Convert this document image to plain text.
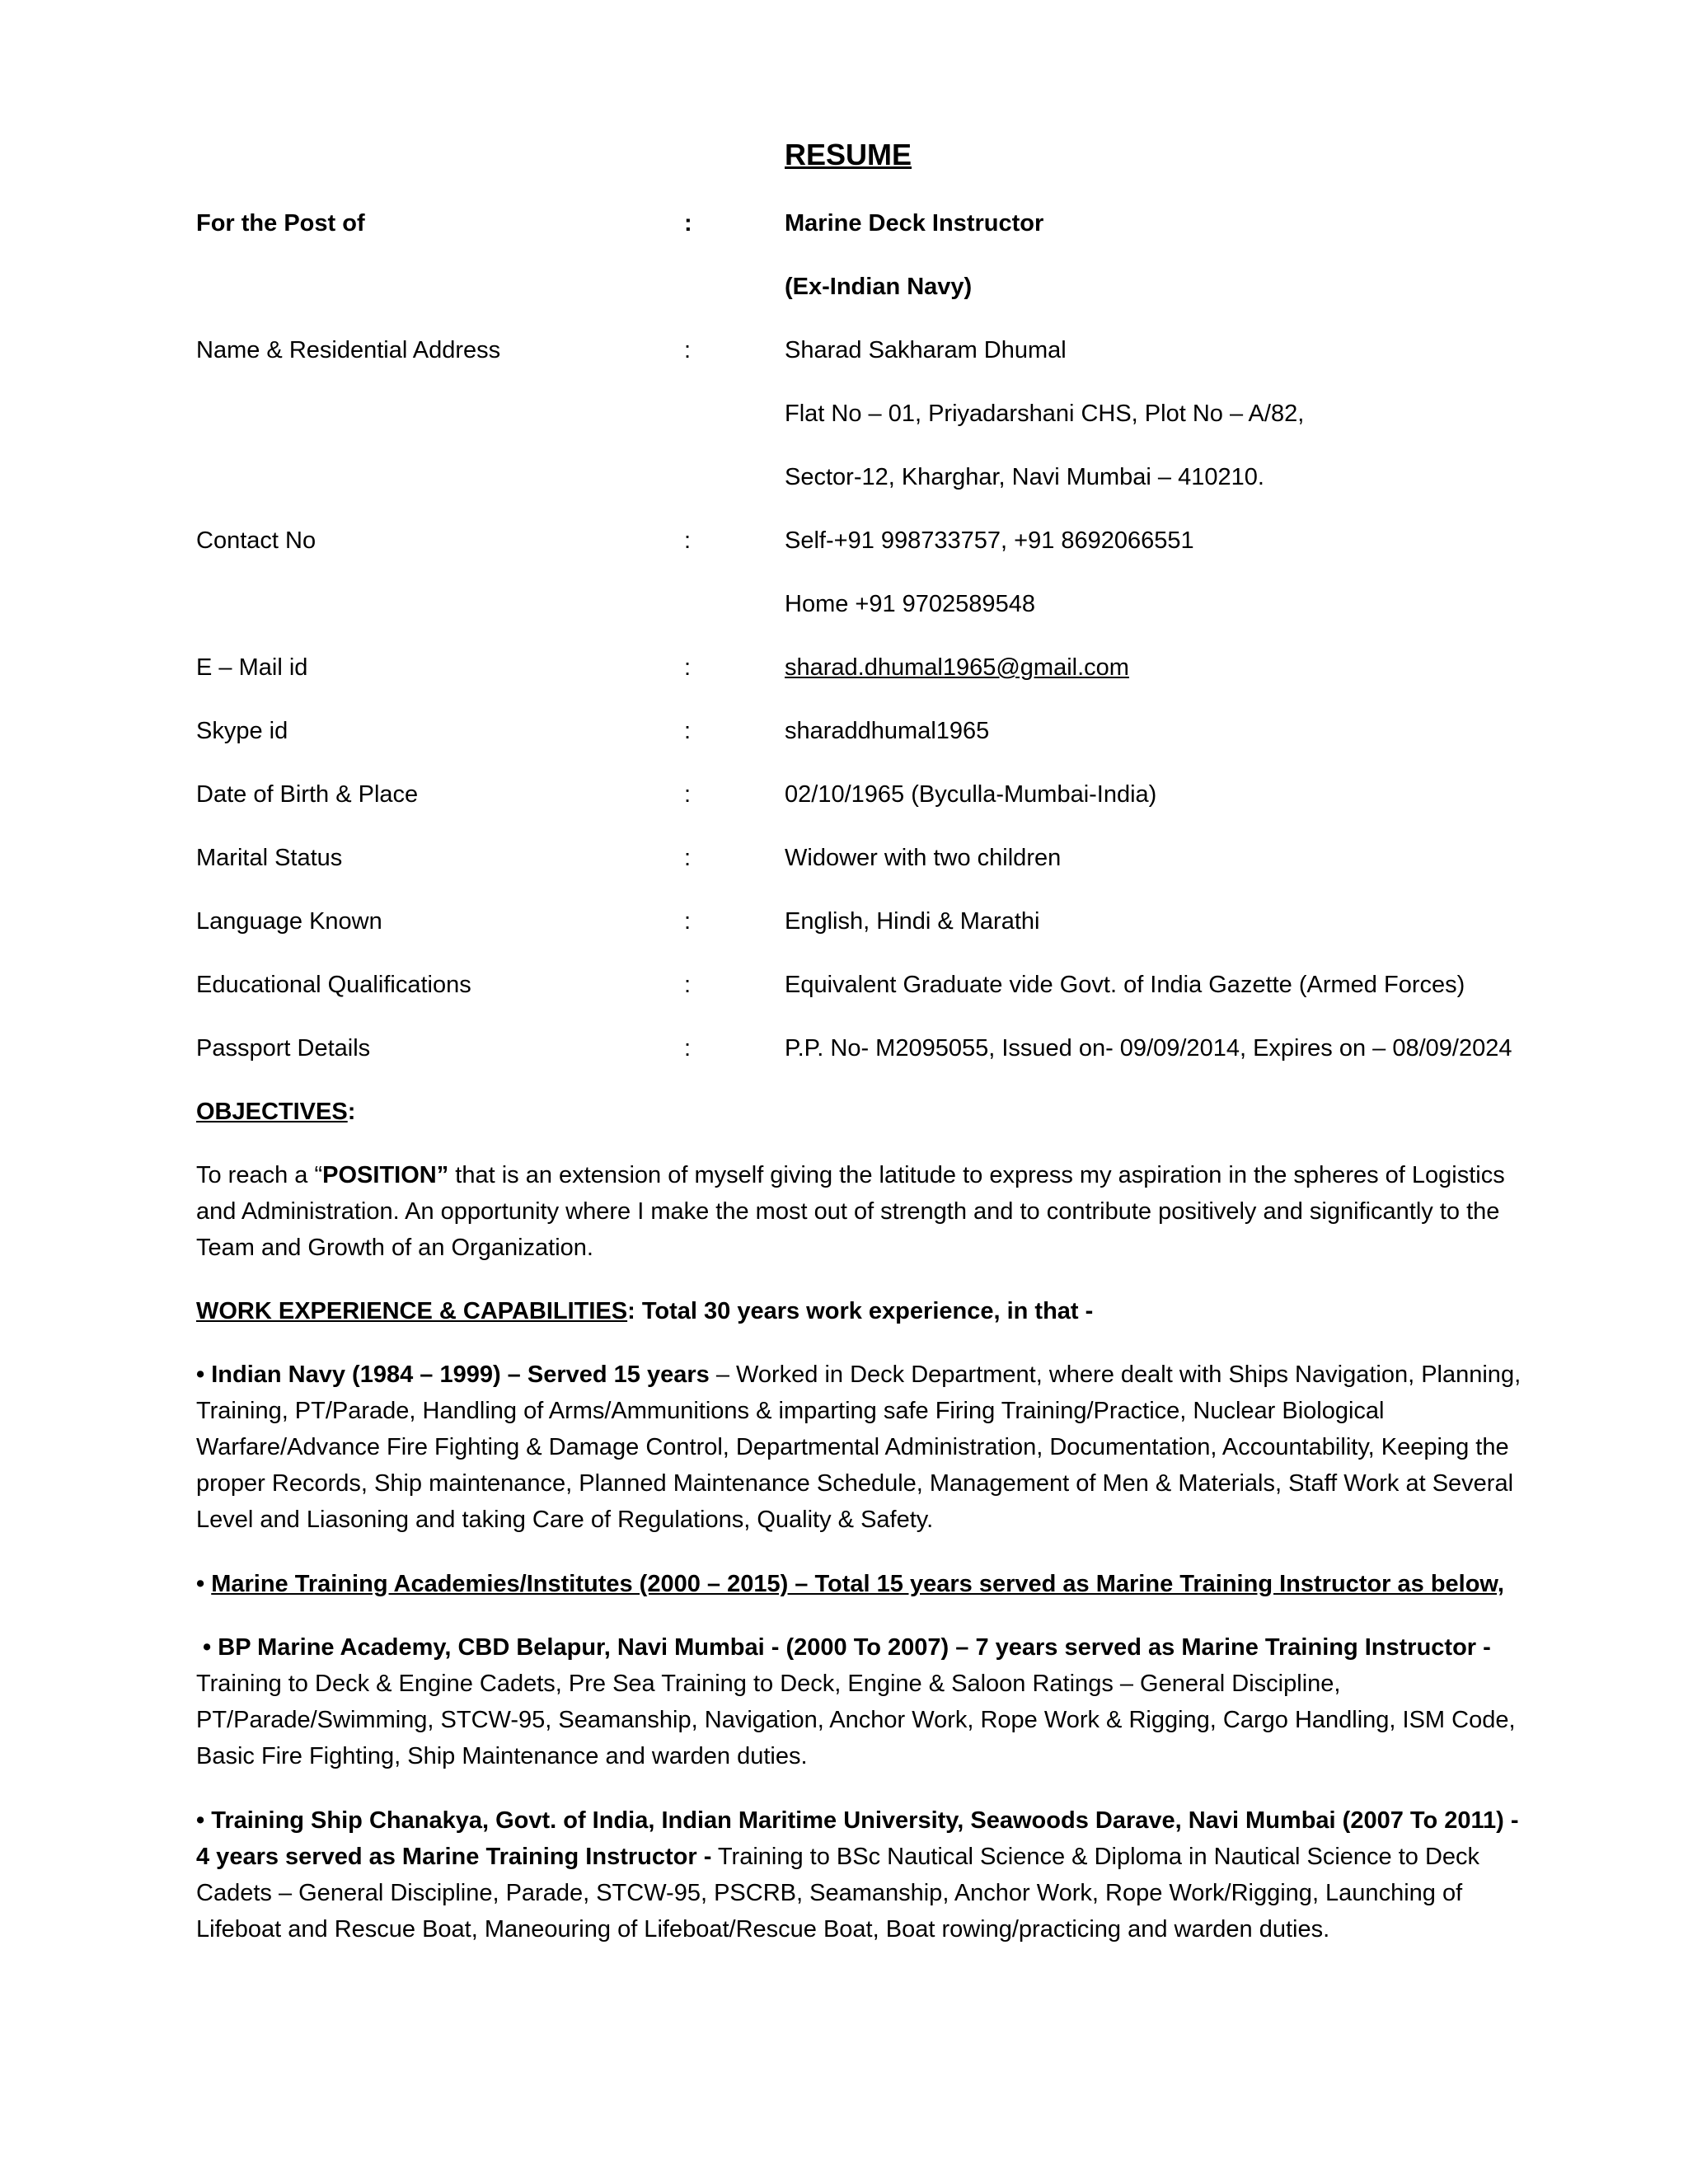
RESUME
For the Post of	:	Marine Deck Instructor
(Ex-Indian Navy)
Name & Residential Address	:	Sharad Sakharam Dhumal
Flat No – 01, Priyadarshani CHS, Plot No – A/82,
Sector-12, Kharghar, Navi Mumbai – 410210.
Contact No	:	Self-+91 998733757, +91 8692066551
Home +91 9702589548
E – Mail id	:	sharad.dhumal1965@gmail.com
Skype id	:	sharaddhumal1965
Date of Birth & Place	:	02/10/1965 (Byculla-Mumbai-India)
Marital Status	:	Widower with two children
Language Known	:	English, Hindi & Marathi
Educational Qualifications	:	Equivalent Graduate vide Govt. of India Gazette (Armed Forces)
Passport Details	:	P.P. No- M2095055, Issued on- 09/09/2014, Expires on – 08/09/2024
OBJECTIVES:

To reach a “POSITION” that is an extension of myself giving the latitude to express my aspiration in the spheres of Logistics and Administration. An opportunity where I make the most out of strength and to contribute positively and significantly to the Team and Growth of an Organization.

WORK EXPERIENCE & CAPABILITIES: Total 30 years work experience, in that -

• Indian Navy (1984 – 1999) – Served 15 years – Worked in Deck Department, where dealt with Ships Navigation, Planning, Training, PT/Parade, Handling of Arms/Ammunitions & imparting safe Firing Training/Practice, Nuclear Biological Warfare/Advance Fire Fighting & Damage Control, Departmental Administration, Documentation, Accountability, Keeping the proper Records, Ship maintenance, Planned Maintenance Schedule, Management of Men & Materials, Staff Work at Several Level and Liasoning and taking Care of Regulations, Quality & Safety.

• Marine Training Academies/Institutes (2000 – 2015) – Total 15 years served as Marine Training Instructor as below,

• BP Marine Academy, CBD Belapur, Navi Mumbai - (2000 To 2007) – 7 years served as Marine Training Instructor - Training to Deck & Engine Cadets, Pre Sea Training to Deck, Engine & Saloon Ratings – General Discipline, PT/Parade/Swimming, STCW-95, Seamanship, Navigation, Anchor Work, Rope Work & Rigging, Cargo Handling, ISM Code, Basic Fire Fighting, Ship Maintenance and warden duties.

• Training Ship Chanakya, Govt. of India, Indian Maritime University, Seawoods Darave, Navi Mumbai (2007 To 2011) - 4 years served as Marine Training Instructor - Training to BSc Nautical Science & Diploma in Nautical Science to Deck Cadets – General Discipline, Parade, STCW-95, PSCRB, Seamanship, Anchor Work, Rope Work/Rigging, Launching of Lifeboat and Rescue Boat, Maneouring of Lifeboat/Rescue Boat, Boat rowing/practicing and warden duties.
